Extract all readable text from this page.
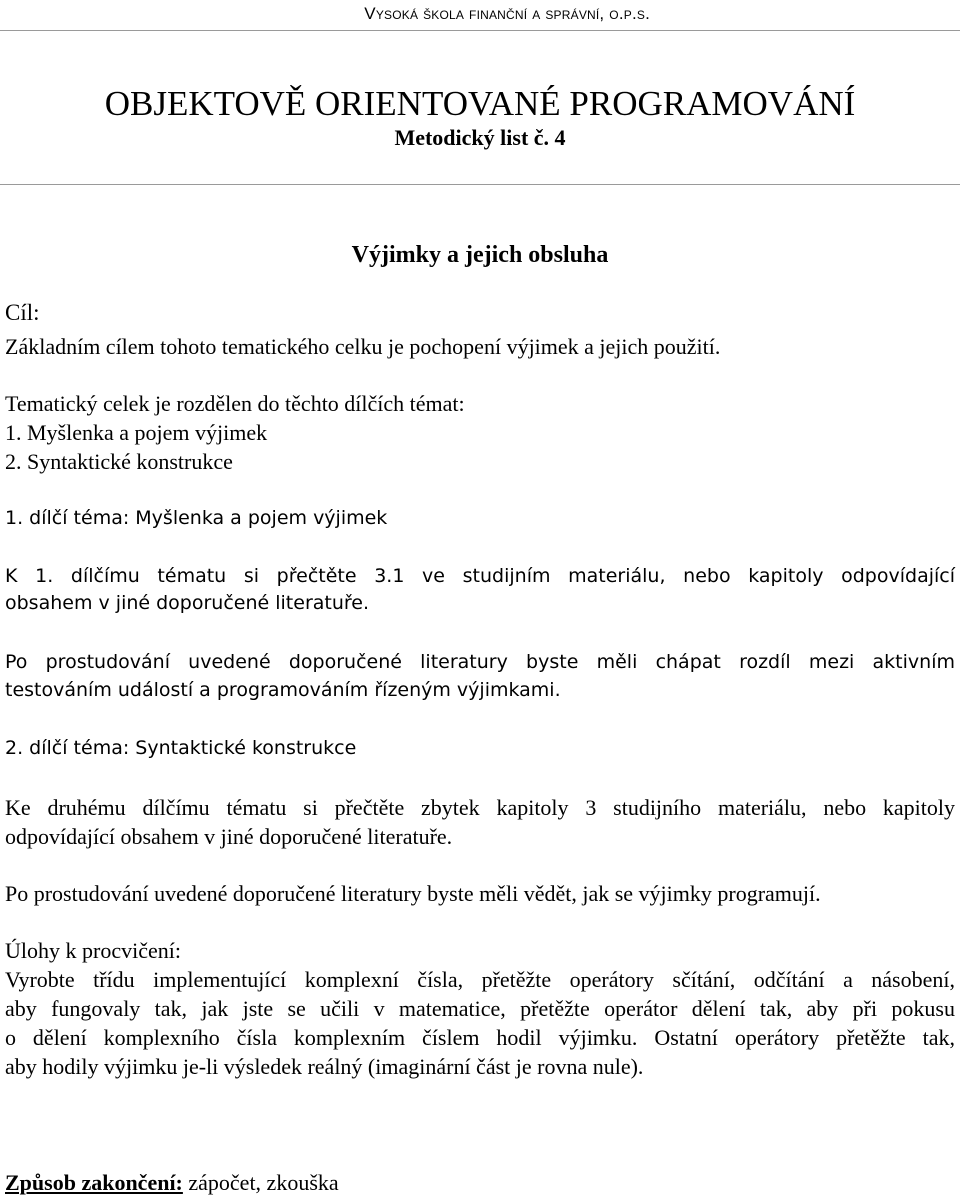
Vysoká škola finanční a správní, o.p.s.
OBJEKTOVĚ ORIENTOVANÉ PROGRAMOVÁNÍ
Metodický list č. 4
Výjimky a jejich obsluha
Cíl:
Základním cílem tohoto tematického celku je pochopení výjimek a jejich použití.
Tematický celek je rozdělen do těchto dílčích témat:
1. Myšlenka a pojem výjimek
2. Syntaktické konstrukce
1. dílčí téma: Myšlenka a pojem výjimek
K 1. dílčímu tématu si přečtěte 3.1 ve studijním materiálu, nebo kapitoly odpovídající
obsahem v jiné doporučené literatuře.
Po prostudování uvedené doporučené literatury byste měli chápat rozdíl mezi aktivním
testováním událostí a programováním řízeným výjimkami.
2. dílčí téma: Syntaktické konstrukce
Ke druhému dílčímu tématu si přečtěte zbytek kapitoly 3 studijního materiálu, nebo kapitoly
odpovídající obsahem v jiné doporučené literatuře.
Po prostudování uvedené doporučené literatury byste měli vědět, jak se výjimky programují.
Úlohy k procvičení:
Vyrobte třídu implementující komplexní čísla, přetěžte operátory sčítání, odčítání a násobení,
aby fungovaly tak, jak jste se učili v matematice, přetěžte operátor dělení tak, aby při pokusu
o dělení komplexního čísla komplexním číslem hodil výjimku. Ostatní operátory přetěžte tak,
aby hodily výjimku je-li výsledek reálný (imaginární část je rovna nule).
Způsob zakončení: zápočet, zkouška
